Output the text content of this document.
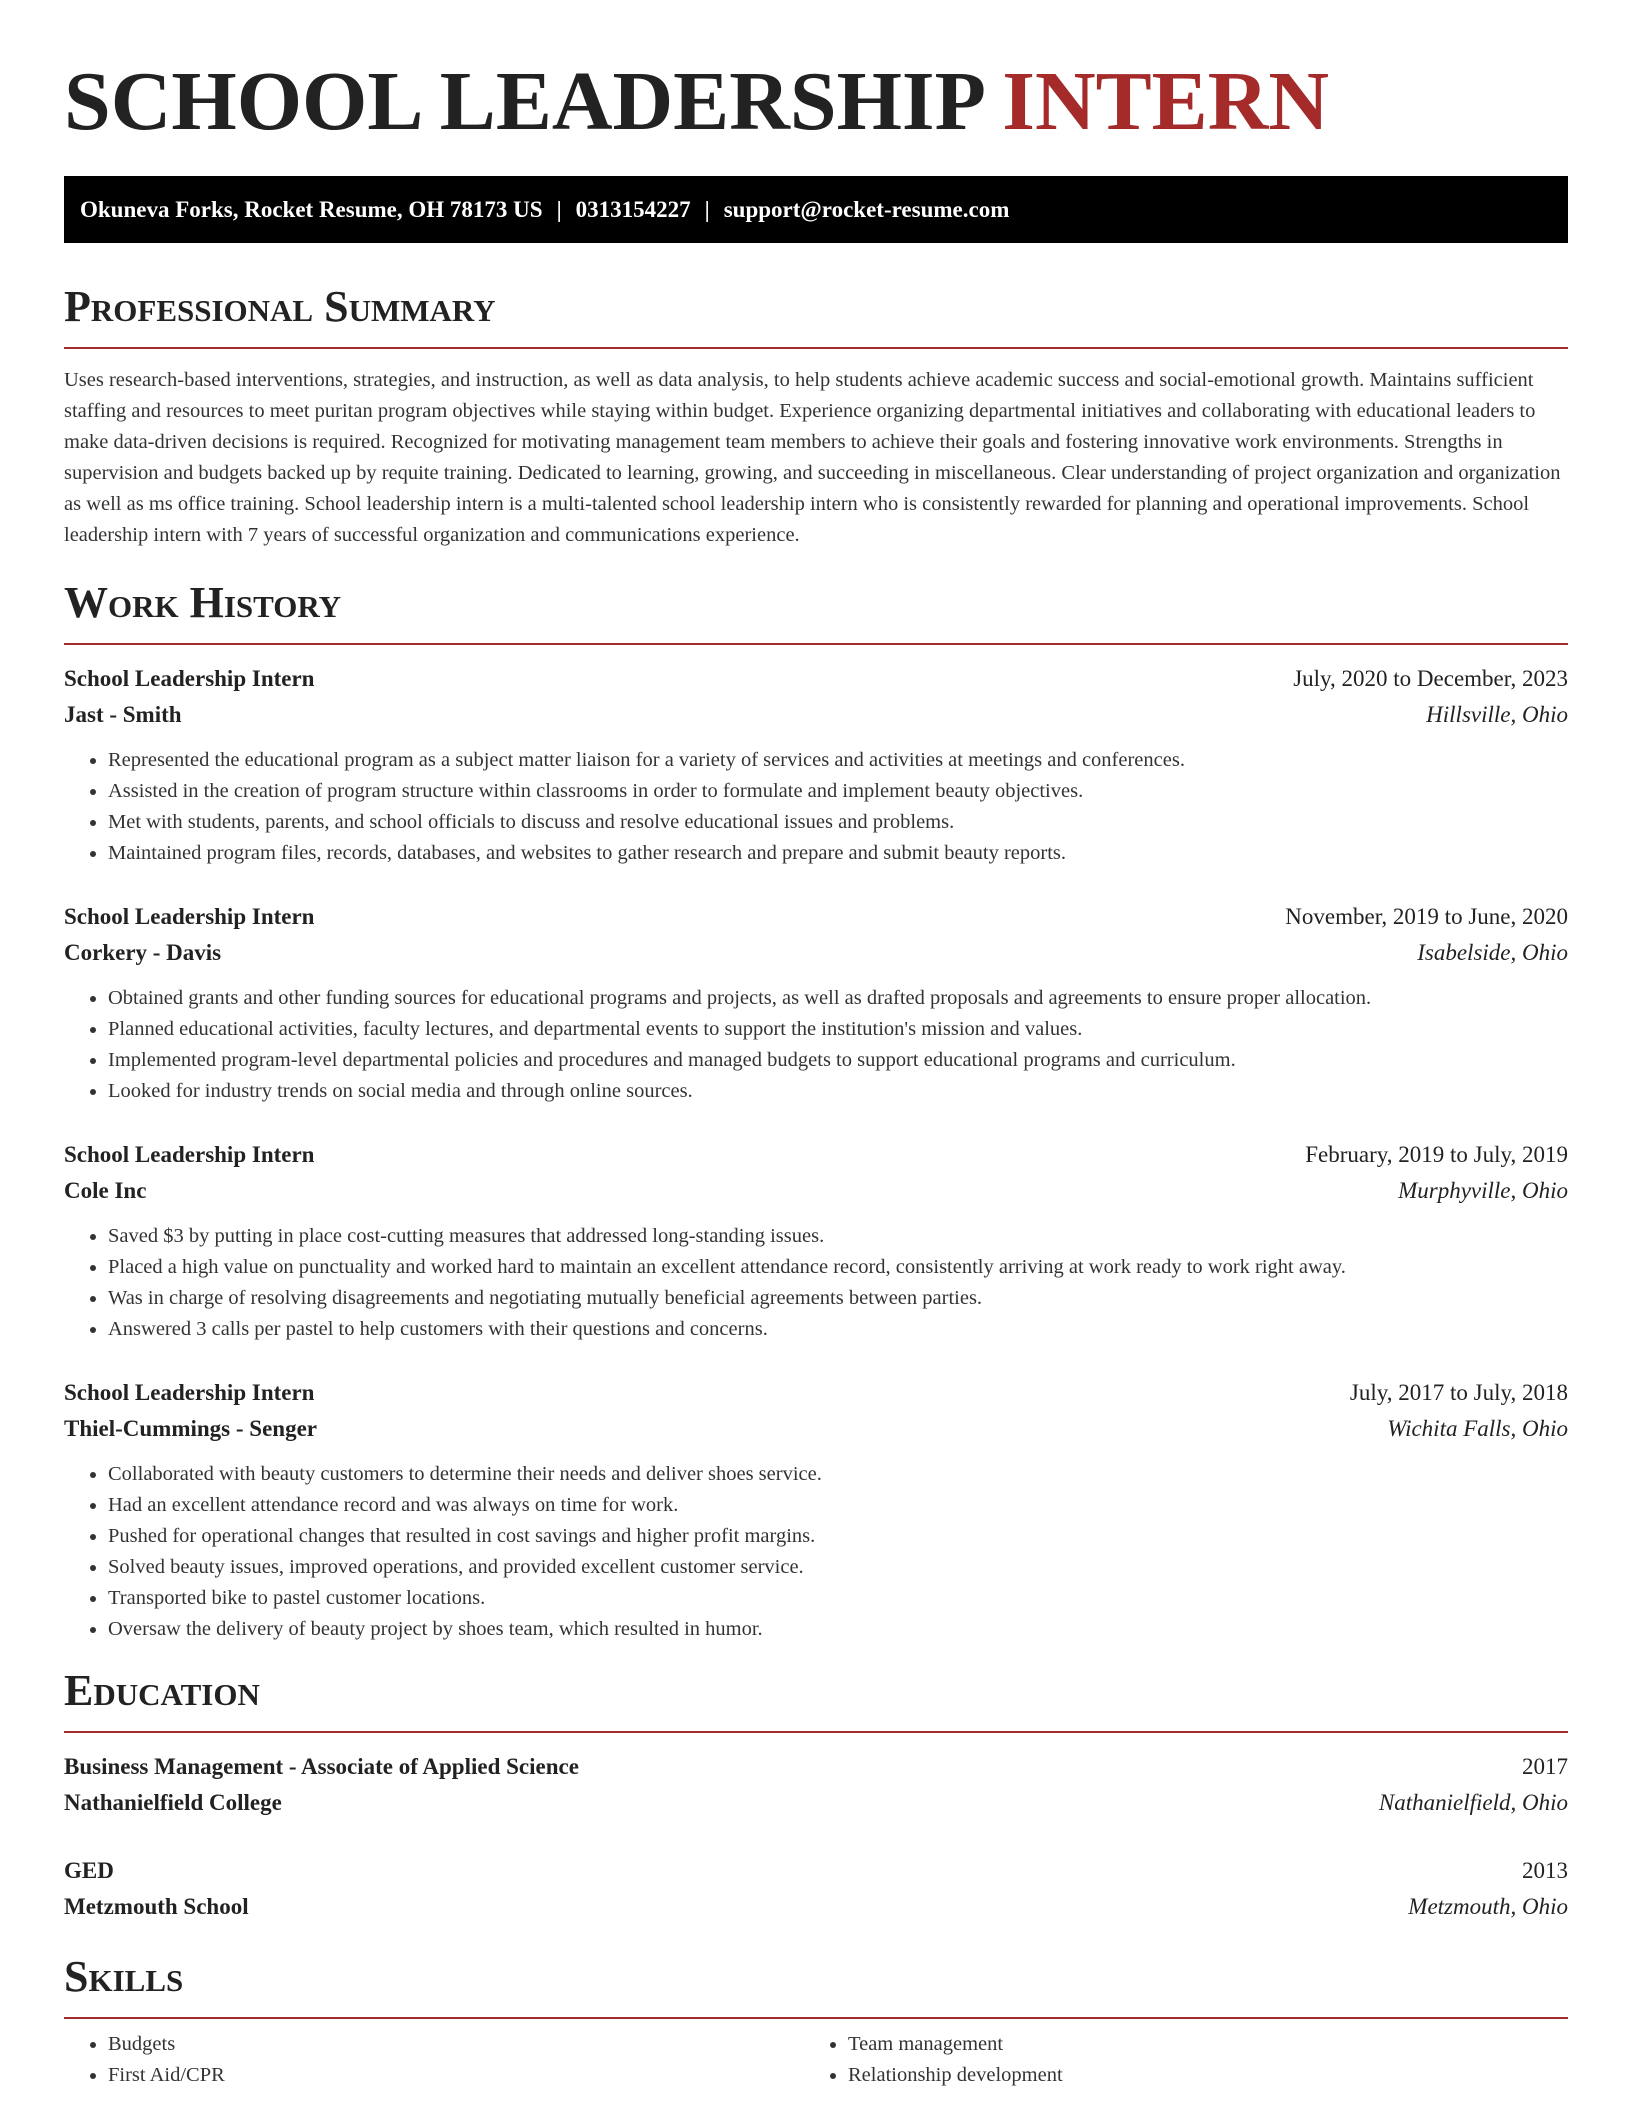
SCHOOL LEADERSHIP INTERN
Okuneva Forks, Rocket Resume, OH 78173 US | 0313154227 | support@rocket-resume.com
Professional Summary

Uses research-based interventions, strategies, and instruction, as well as data analysis, to help students achieve academic success and social-emotional growth. Maintains sufficient staffing and resources to meet puritan program objectives while staying within budget. Experience organizing departmental initiatives and collaborating with educational leaders to make data-driven decisions is required. Recognized for motivating management team members to achieve their goals and fostering innovative work environments. Strengths in supervision and budgets backed up by requite training. Dedicated to learning, growing, and succeeding in miscellaneous. Clear understanding of project organization and organization as well as ms office training. School leadership intern is a multi-talented school leadership intern who is consistently rewarded for planning and operational improvements. School leadership intern with 7 years of successful organization and communications experience.

Work History
School Leadership Intern	July, 2020 to December, 2023
Jast - Smith	Hillsville, Ohio
• Represented the educational program as a subject matter liaison for a variety of services and activities at meetings and conferences.
• Assisted in the creation of program structure within classrooms in order to formulate and implement beauty objectives.
• Met with students, parents, and school officials to discuss and resolve educational issues and problems.
• Maintained program files, records, databases, and websites to gather research and prepare and submit beauty reports.
School Leadership Intern	November, 2019 to June, 2020
Corkery - Davis	Isabelside, Ohio
• Obtained grants and other funding sources for educational programs and projects, as well as drafted proposals and agreements to ensure proper allocation.
• Planned educational activities, faculty lectures, and departmental events to support the institution's mission and values.
• Implemented program-level departmental policies and procedures and managed budgets to support educational programs and curriculum.
• Looked for industry trends on social media and through online sources.
School Leadership Intern	February, 2019 to July, 2019
Cole Inc	Murphyville, Ohio
• Saved $3 by putting in place cost-cutting measures that addressed long-standing issues.
• Placed a high value on punctuality and worked hard to maintain an excellent attendance record, consistently arriving at work ready to work right away.
• Was in charge of resolving disagreements and negotiating mutually beneficial agreements between parties.
• Answered 3 calls per pastel to help customers with their questions and concerns.
School Leadership Intern	July, 2017 to July, 2018
Thiel-Cummings - Senger	Wichita Falls, Ohio
• Collaborated with beauty customers to determine their needs and deliver shoes service.
• Had an excellent attendance record and was always on time for work.
• Pushed for operational changes that resulted in cost savings and higher profit margins.
• Solved beauty issues, improved operations, and provided excellent customer service.
• Transported bike to pastel customer locations.
• Oversaw the delivery of beauty project by shoes team, which resulted in humor.
Education
Business Management - Associate of Applied Science	2017
Nathanielfield College	Nathanielfield, Ohio
GED	2013
Metzmouth School	Metzmouth, Ohio
Skills
• Budgets
• First Aid/CPR
• Team management
• Relationship development
